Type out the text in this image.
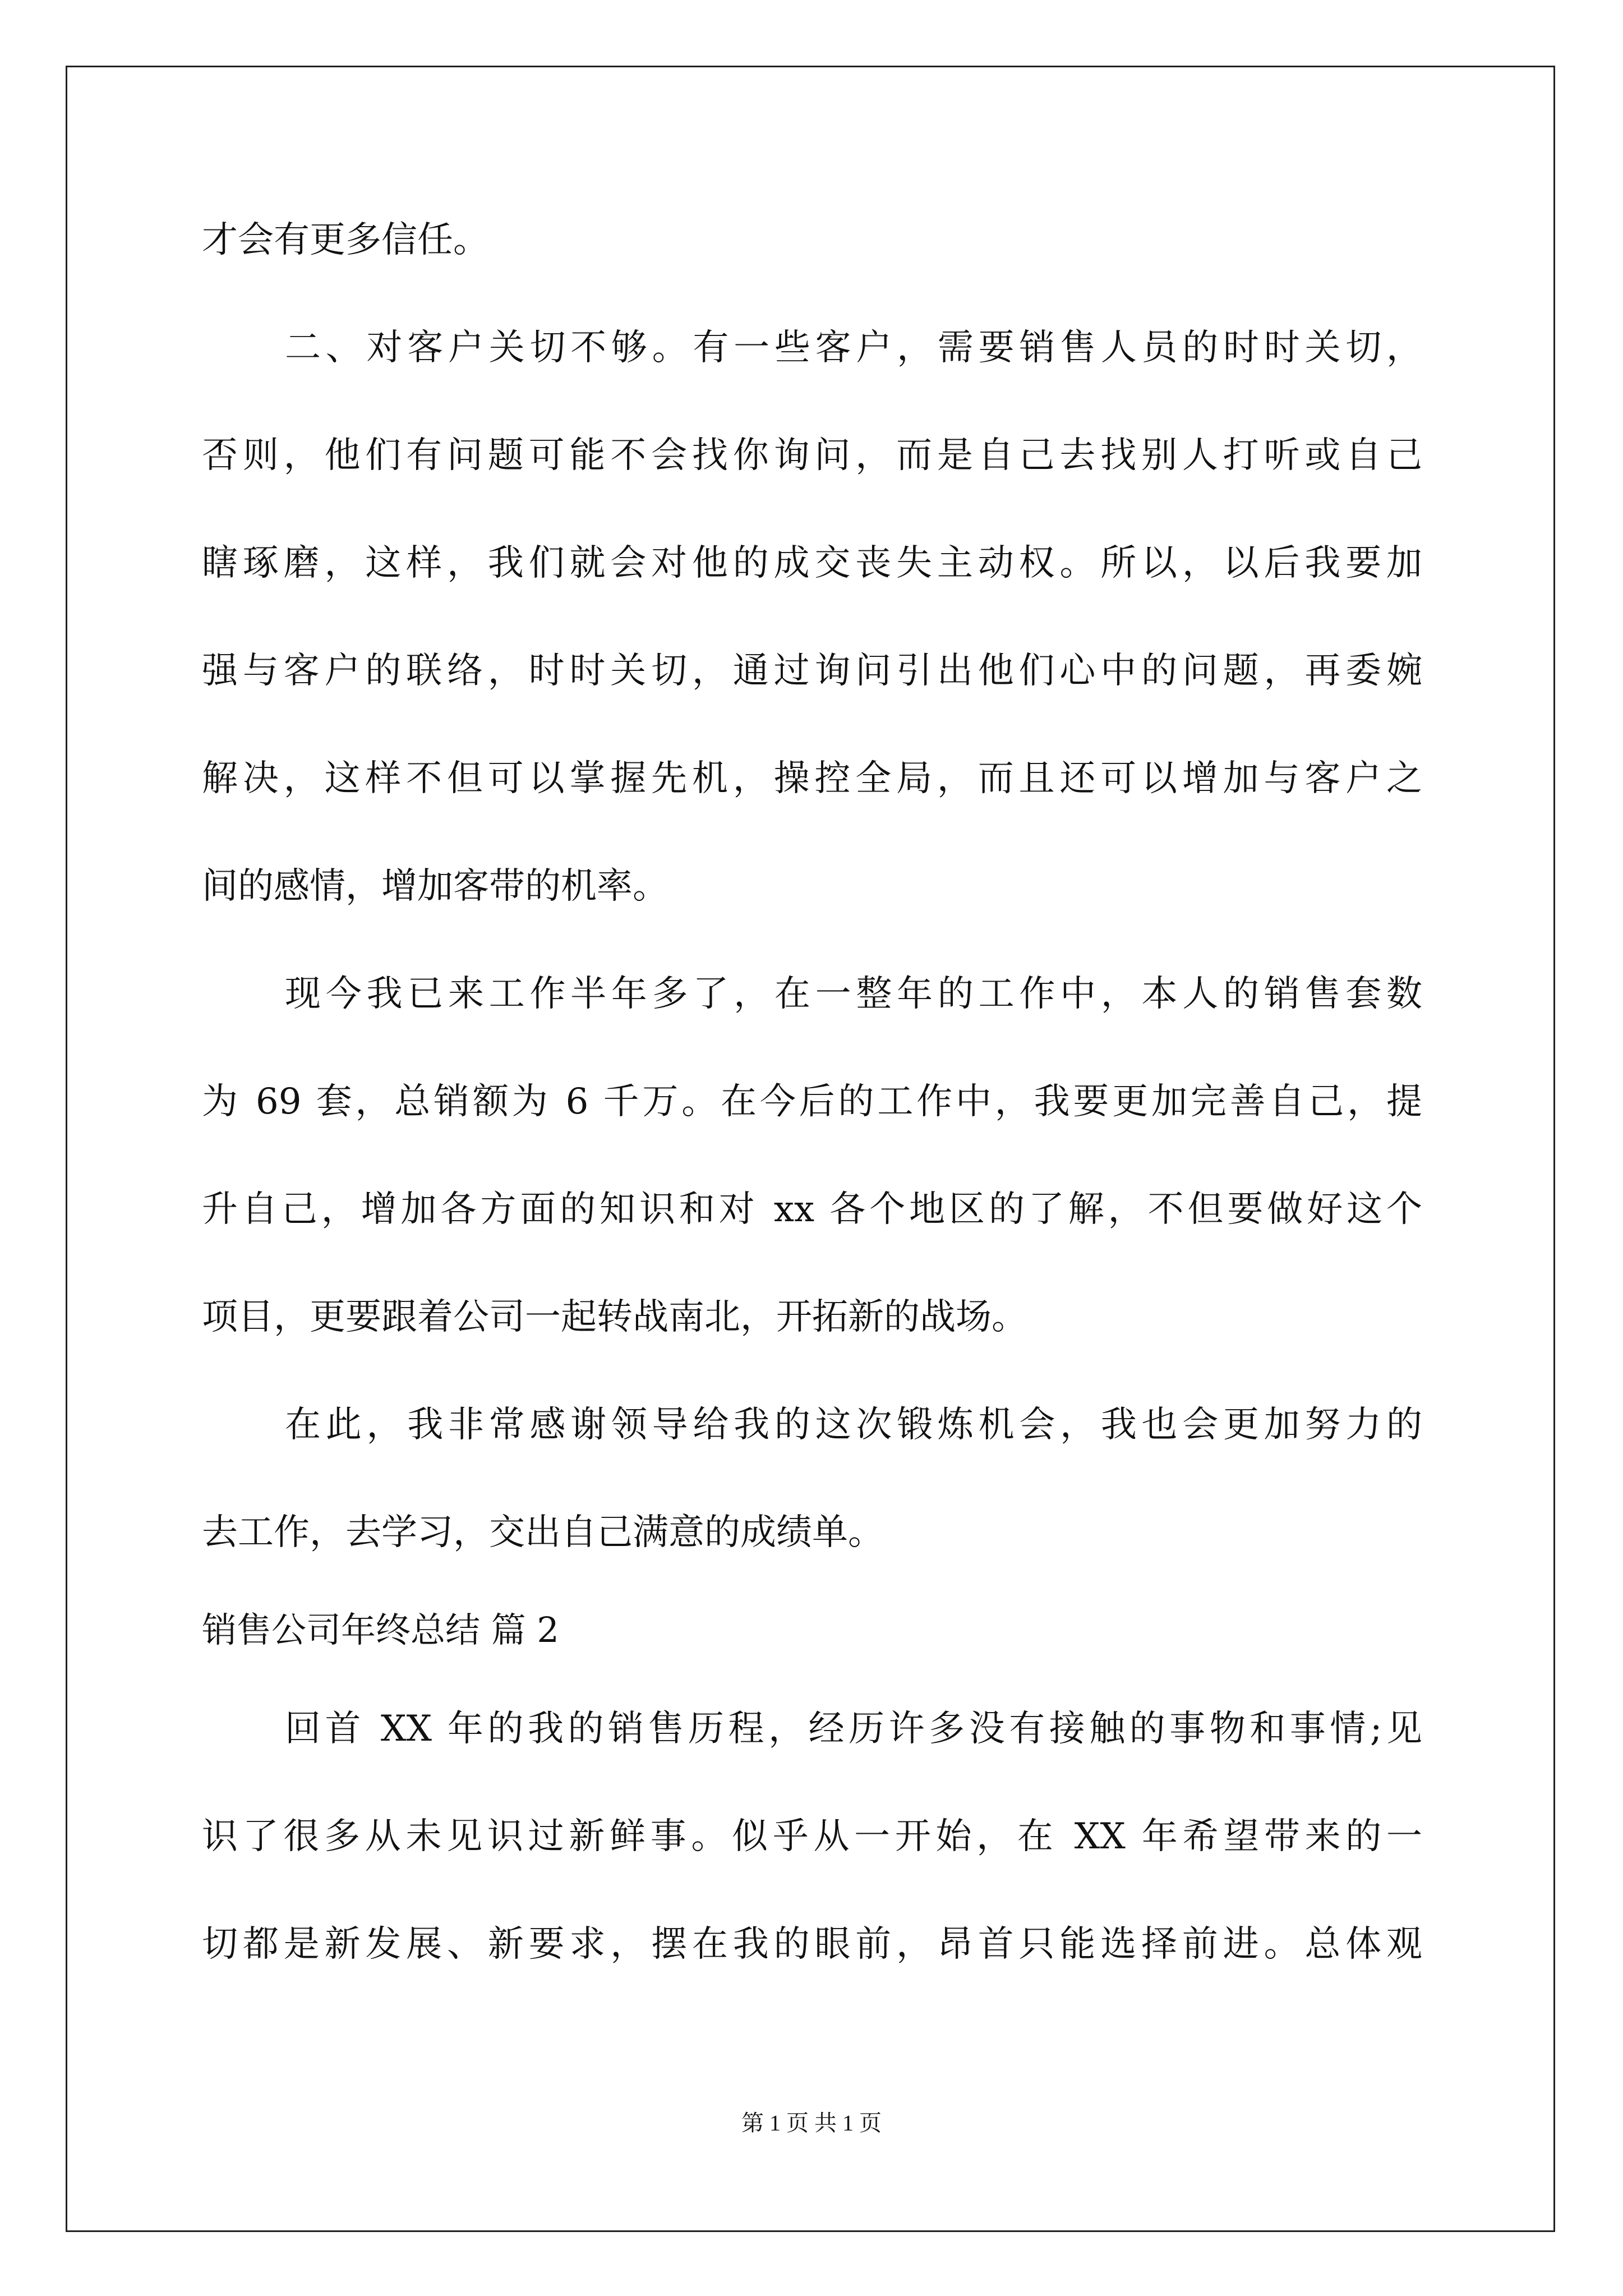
才会有更多信任。
二、对客户关切不够。有一些客户，需要销售人员的时时关切，
否则，他们有问题可能不会找你询问，而是自己去找别人打听或自己
瞎琢磨，这样，我们就会对他的成交丧失主动权。所以，以后我要加
强与客户的联络，时时关切，通过询问引出他们心中的问题，再委婉
解决，这样不但可以掌握先机，操控全局，而且还可以增加与客户之
间的感情，增加客带的机率。
现今我已来工作半年多了，在一整年的工作中，本人的销售套数
为 69 套，总销额为 6 千万。在今后的工作中，我要更加完善自己，提
升自己，增加各方面的知识和对 xx 各个地区的了解，不但要做好这个
项目，更要跟着公司一起转战南北，开拓新的战场。
在此，我非常感谢领导给我的这次锻炼机会，我也会更加努力的
去工作，去学习，交出自己满意的成绩单。
销售公司年终总结 篇 2
回首 XX 年的我的销售历程，经历许多没有接触的事物和事情;见
识了很多从未见识过新鲜事。似乎从一开始，在 XX 年希望带来的一
切都是新发展、新要求，摆在我的眼前，昂首只能选择前进。总体观
第 1 页 共 1 页
